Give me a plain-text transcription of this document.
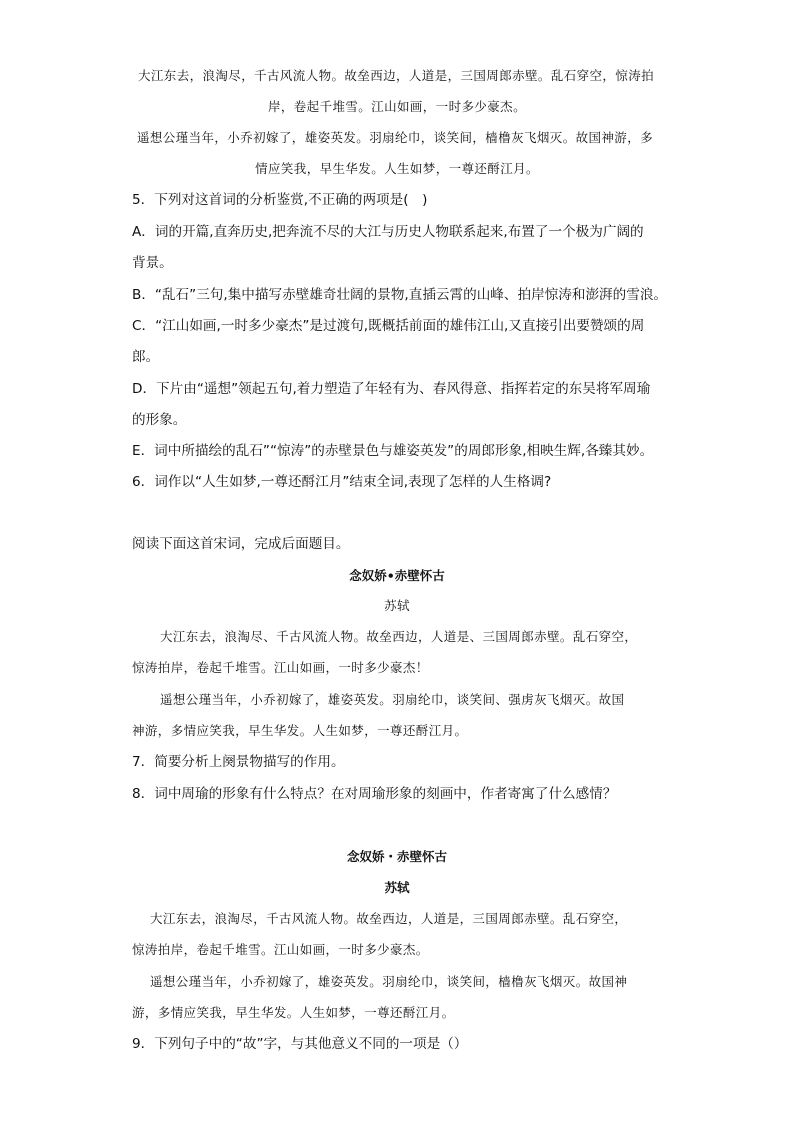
大江东去，浪淘尽，千古风流人物。故垒西边，人道是，三国周郎赤壁。乱石穿空，惊涛拍
岸，卷起千堆雪。江山如画，一时多少豪杰。
遥想公瑾当年，小乔初嫁了，雄姿英发。羽扇纶巾，谈笑间，樯橹灰飞烟灭。故国神游，多
情应笑我，早生华发。人生如梦，一尊还酹江月。
5．下列对这首词的分析鉴赏,不正确的两项是(　)
A．词的开篇,直奔历史,把奔流不尽的大江与历史人物联系起来,布置了一个极为广阔的
背景。
B．“乱石”三句,集中描写赤壁雄奇壮阔的景物,直插云霄的山峰、拍岸惊涛和澎湃的雪浪。
C．“江山如画,一时多少豪杰”是过渡句,既概括前面的雄伟江山,又直接引出要赞颂的周
郎。
D．下片由“遥想”领起五句,着力塑造了年轻有为、春风得意、指挥若定的东吴将军周瑜
的形象。
E．词中所描绘的乱石”“惊涛”的赤壁景色与雄姿英发”的周郎形象,相映生辉,各臻其妙。
6．词作以“人生如梦,一尊还酹江月”结束全词,表现了怎样的人生格调?
阅读下面这首宋词，完成后面题目。
念奴娇•赤壁怀古
苏轼
大江东去，浪淘尽、千古风流人物。故垒西边，人道是、三国周郎赤壁。乱石穿空，
惊涛拍岸，卷起千堆雪。江山如画，一时多少豪杰！
遥想公瑾当年，小乔初嫁了，雄姿英发。羽扇纶巾，谈笑间、强虏灰飞烟灭。故国
神游，多情应笑我，早生华发。人生如梦，一尊还酹江月。
7．简要分析上阕景物描写的作用。
8．词中周瑜的形象有什么特点？在对周瑜形象的刻画中，作者寄寓了什么感情？
念奴娇・赤壁怀古
苏轼
大江东去，浪淘尽，千古风流人物。故垒西边，人道是，三国周郎赤壁。乱石穿空，
惊涛拍岸，卷起千堆雪。江山如画，一时多少豪杰。
遥想公瑾当年，小乔初嫁了，雄姿英发。羽扇纶巾，谈笑间，樯橹灰飞烟灭。故国神
游，多情应笑我，早生华发。人生如梦，一尊还酹江月。
9．下列句子中的“故”字，与其他意义不同的一项是（）
